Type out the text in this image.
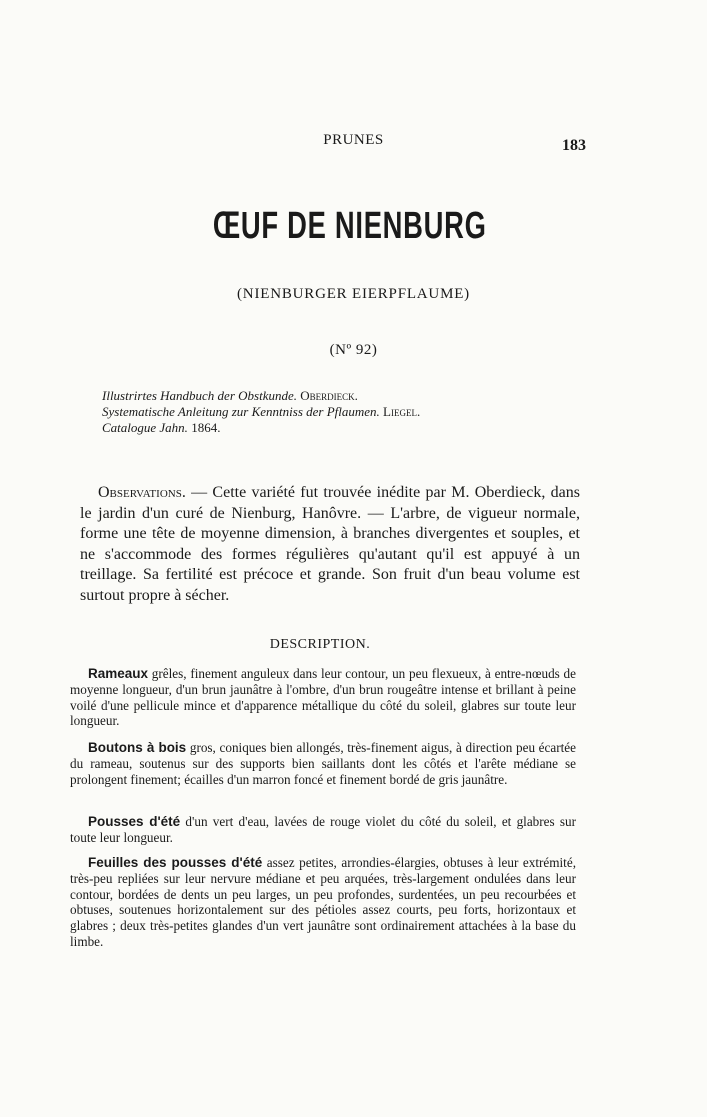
PRUNES	183
ŒUF DE NIENBURG
(NIENBURGER EIERPFLAUME)
(Nº 92)
Illustrirtes Handbuch der Obstkunde. Oberdieck.
Systematische Anleitung zur Kenntniss der Pflaumen. Liegel.
Catalogue Jahn. 1864.

Observations. — Cette variété fut trouvée inédite par M. Oberdieck, dans le jardin d'un curé de Nienburg, Hanôvre. — L'arbre, de vigueur normale, forme une tête de moyenne dimension, à branches divergentes et souples, et ne s'accommode des formes régulières qu'autant qu'il est appuyé à un treillage. Sa fertilité est précoce et grande. Son fruit d'un beau volume est surtout propre à sécher.

DESCRIPTION.

Rameaux grêles, finement anguleux dans leur contour, un peu flexueux, à entre-nœuds de moyenne longueur, d'un brun jaunâtre à l'ombre, d'un brun rougeâtre intense et brillant à peine voilé d'une pellicule mince et d'apparence métallique du côté du soleil, glabres sur toute leur longueur.

Boutons à bois gros, coniques bien allongés, très-finement aigus, à direction peu écartée du rameau, soutenus sur des supports bien saillants dont les côtés et l'arête médiane se prolongent finement; écailles d'un marron foncé et finement bordé de gris jaunâtre.

Pousses d'été d'un vert d'eau, lavées de rouge violet du côté du soleil, et glabres sur toute leur longueur.

Feuilles des pousses d'été assez petites, arrondies-élargies, obtuses à leur extrémité, très-peu repliées sur leur nervure médiane et peu arquées, très-largement ondulées dans leur contour, bordées de dents un peu larges, un peu profondes, surdentées, un peu recourbées et obtuses, soutenues horizontalement sur des pétioles assez courts, peu forts, horizontaux et glabres ; deux très-petites glandes d'un vert jaunâtre sont ordinairement attachées à la base du limbe.
